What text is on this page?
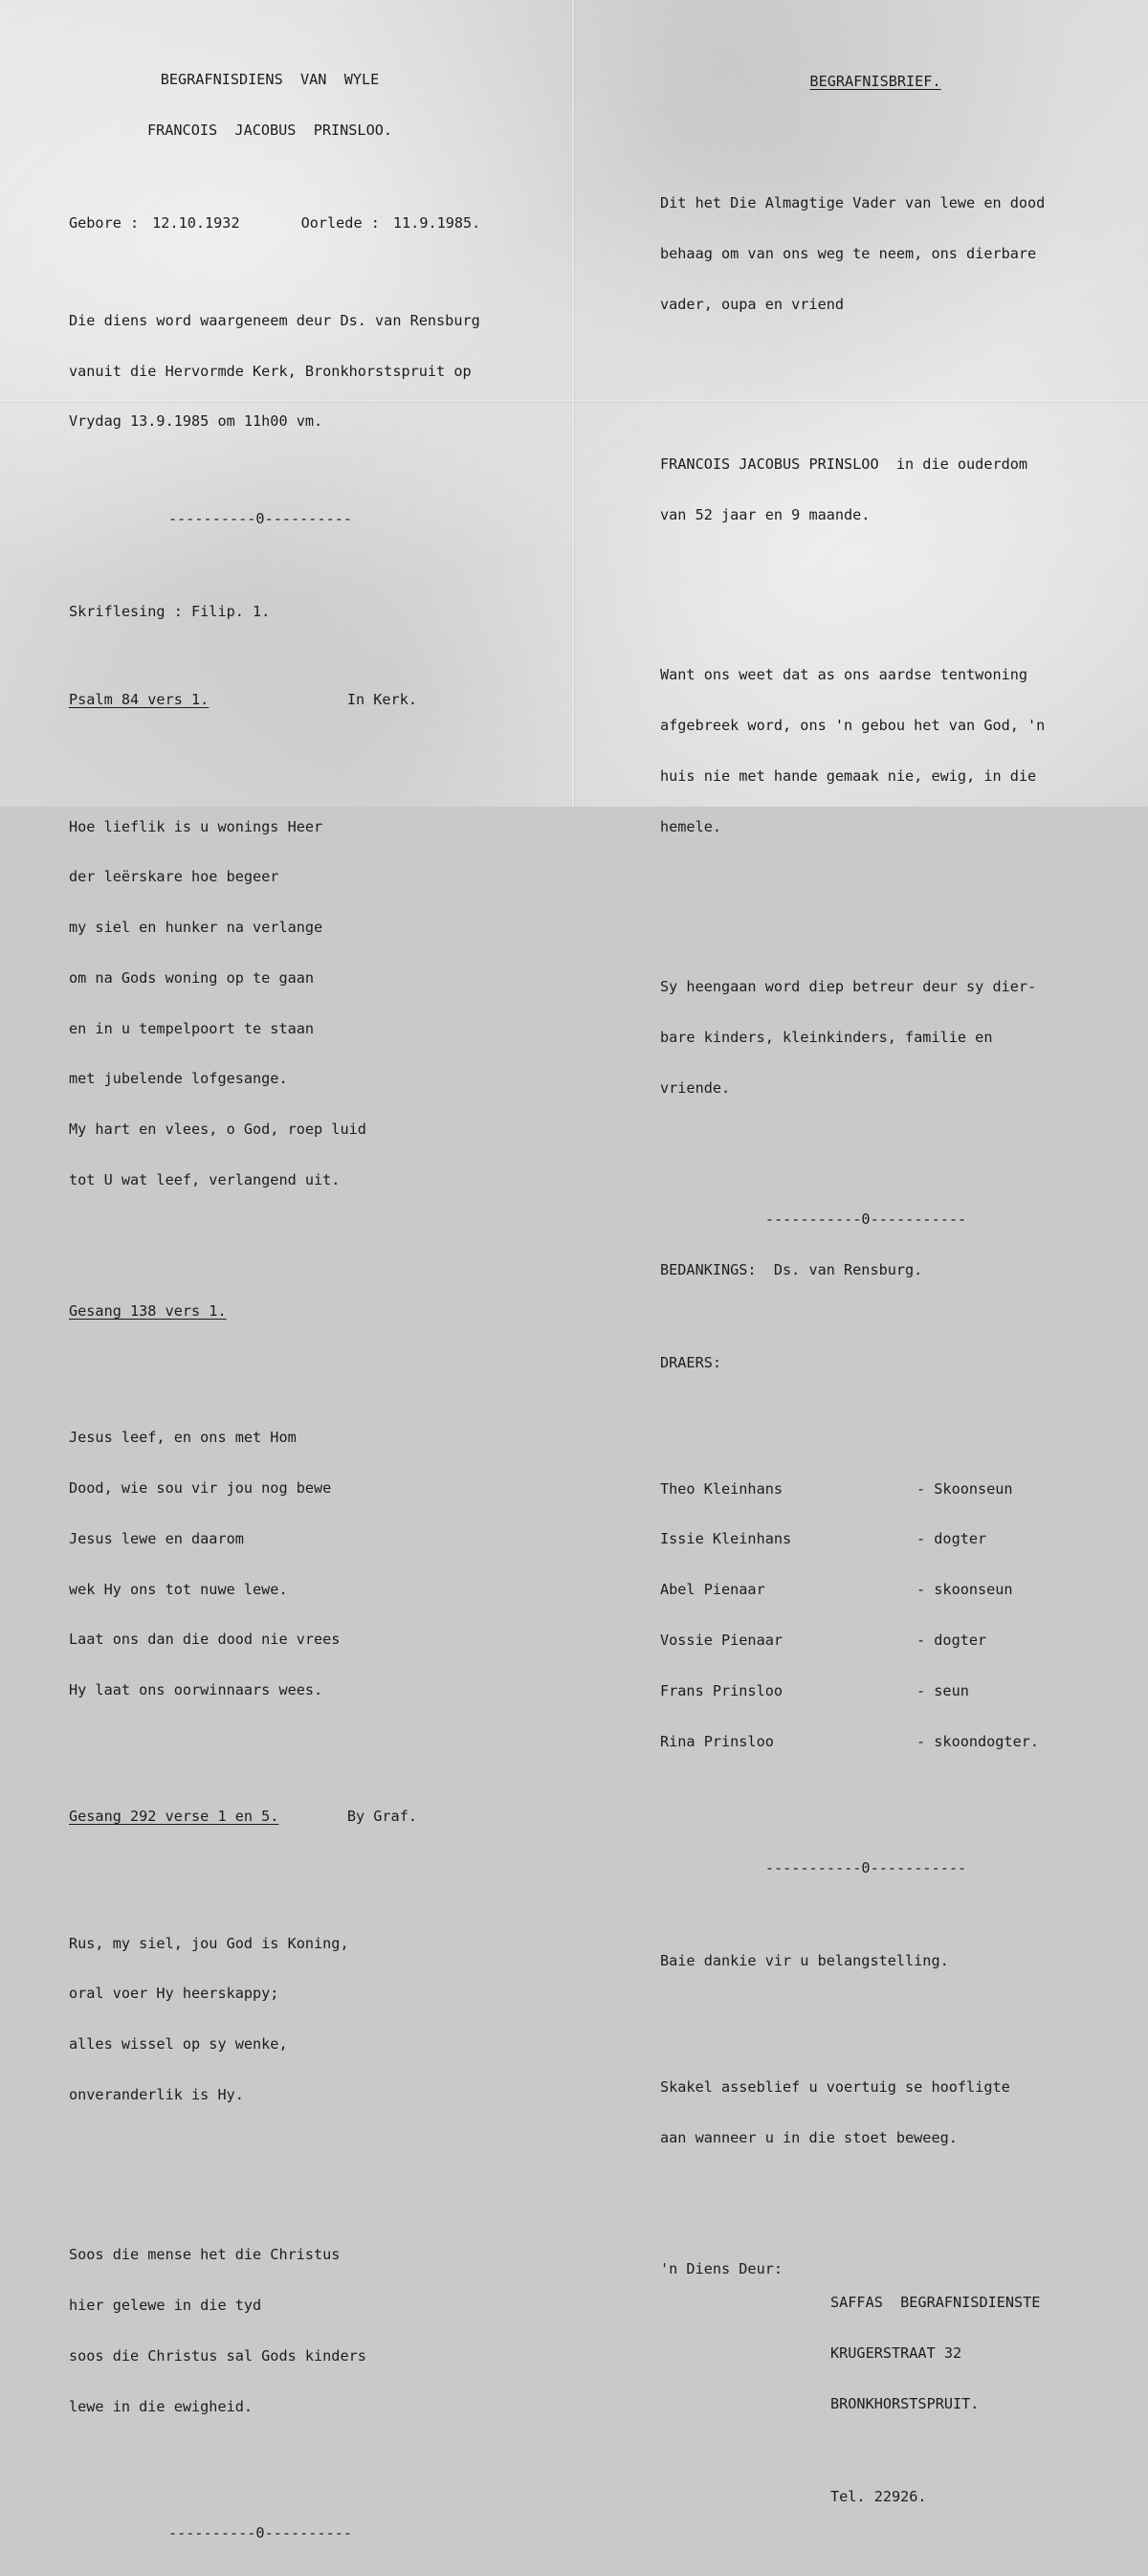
BEGRAFNISDIENS  VAN  WYLE

FRANCOIS  JACOBUS  PRINSLOO.

Gebore : 12.10.1932	Oorlede : 11.9.1985.

Die diens word waargeneem deur Ds. van Rensburg

vanuit die Hervormde Kerk, Bronkhorstspruit op

Vrydag 13.9.1985 om 11h00 vm.

----------0----------

Skriflesing : Filip. 1.

Psalm 84 vers 1.	In Kerk.

Hoe lieflik is u wonings Heer

der leërskare hoe begeer

my siel en hunker na verlange

om na Gods woning op te gaan

en in u tempelpoort te staan

met jubelende lofgesange.

My hart en vlees, o God, roep luid

tot U wat leef, verlangend uit.

Gesang 138 vers 1.

Jesus leef, en ons met Hom

Dood, wie sou vir jou nog bewe

Jesus lewe en daarom

wek Hy ons tot nuwe lewe.

Laat ons dan die dood nie vrees

Hy laat ons oorwinnaars wees.

Gesang 292 verse 1 en 5.	By Graf.

Rus, my siel, jou God is Koning,

oral voer Hy heerskappy;

alles wissel op sy wenke,

onveranderlik is Hy.

Soos die mense het die Christus

hier gelewe in die tyd

soos die Christus sal Gods kinders

lewe in die ewigheid.

----------0----------

BEGRAFNISBRIEF.

Dit het Die Almagtige Vader van lewe en dood

behaag om van ons weg te neem, ons dierbare

vader, oupa en vriend

FRANCOIS JACOBUS PRINSLOO  in die ouderdom

van 52 jaar en 9 maande.

Want ons weet dat as ons aardse tentwoning

afgebreek word, ons 'n gebou het van God, 'n

huis nie met hande gemaak nie, ewig, in die

hemele.

Sy heengaan word diep betreur deur sy dier-

bare kinders, kleinkinders, familie en

vriende.

-----------0-----------

BEDANKINGS:  Ds. van Rensburg.

DRAERS:

Theo Kleinhans	- Skoonseun

Issie Kleinhans	- dogter

Abel Pienaar	- skoonseun

Vossie Pienaar	- dogter

Frans Prinsloo	- seun

Rina Prinsloo	- skoondogter.

-----------0-----------

Baie dankie vir u belangstelling.

Skakel asseblief u voertuig se hoofligte

aan wanneer u in die stoet beweeg.

'n Diens Deur:

SAFFAS  BEGRAFNISDIENSTE

KRUGERSTRAAT 32

BRONKHORSTSPRUIT.

Tel. 22926.
